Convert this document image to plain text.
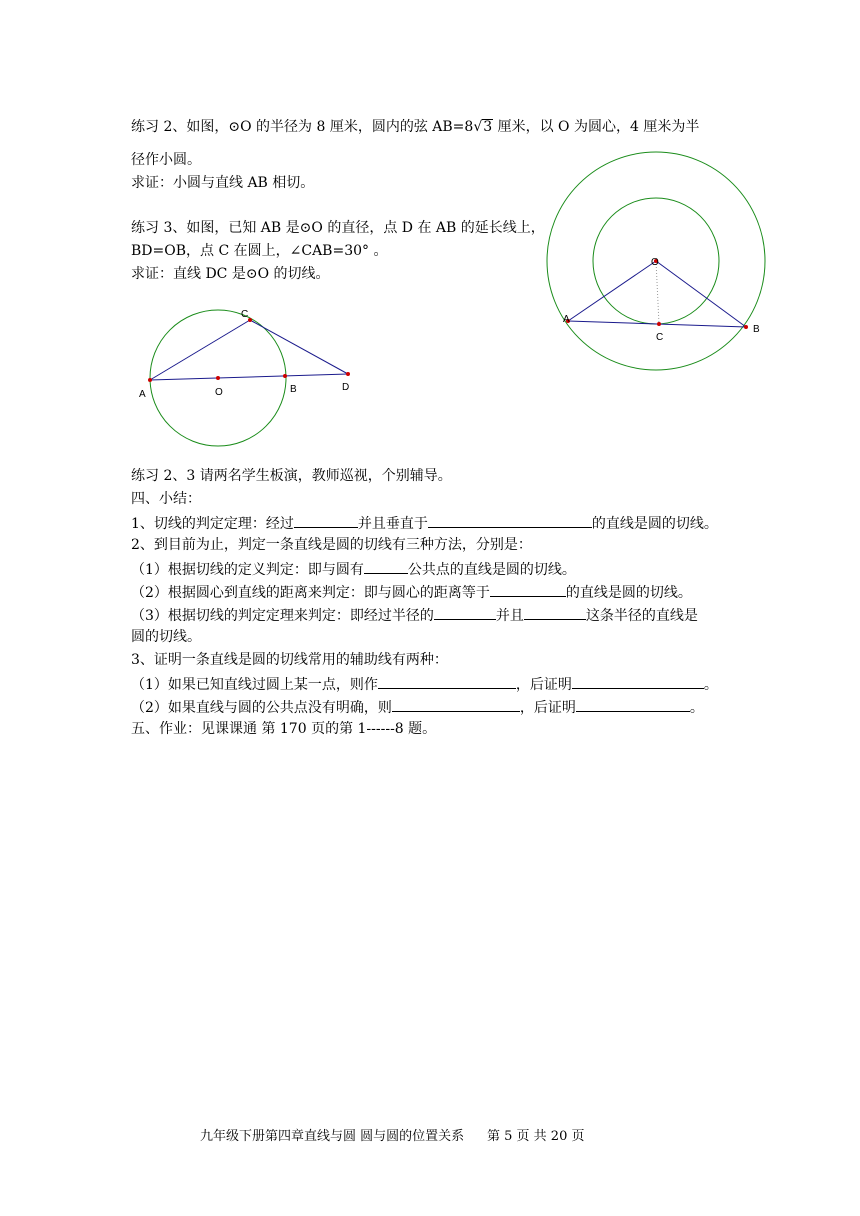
练习 2、如图，⊙O 的半径为 8 厘米，圆内的弦 AB=8√3 厘米，以 O 为圆心，4 厘米为半
径作小圆。
求证：小圆与直线 AB 相切。
练习 3、如图，已知 AB 是⊙O 的直径，点 D 在 AB 的延长线上，
BD=OB，点 C 在圆上，∠CAB=30° 。
求证：直线 DC 是⊙O 的切线。
O
A
B
C
C
A	O	B	D
练习 2、3 请两名学生板演，教师巡视，个别辅导。
四、小结：
1、切线的判定定理：经过	并且垂直于	的直线是圆的切线。
2、到目前为止，判定一条直线是圆的切线有三种方法，分别是：
（1）根据切线的定义判定：即与圆有	公共点的直线是圆的切线。
（2）根据圆心到直线的距离来判定：即与圆心的距离等于	的直线是圆的切线。
（3）根据切线的判定定理来判定：即经过半径的	并且	这条半径的直线是
圆的切线。
3、证明一条直线是圆的切线常用的辅助线有两种：
（1）如果已知直线过圆上某一点，则作	，后证明	。
（2）如果直线与圆的公共点没有明确，则	，后证明	。
五、作业：见课课通 第 170 页的第 1------8 题。
九年级下册第四章直线与圆 圆与圆的位置关系 第 5 页 共 20 页
